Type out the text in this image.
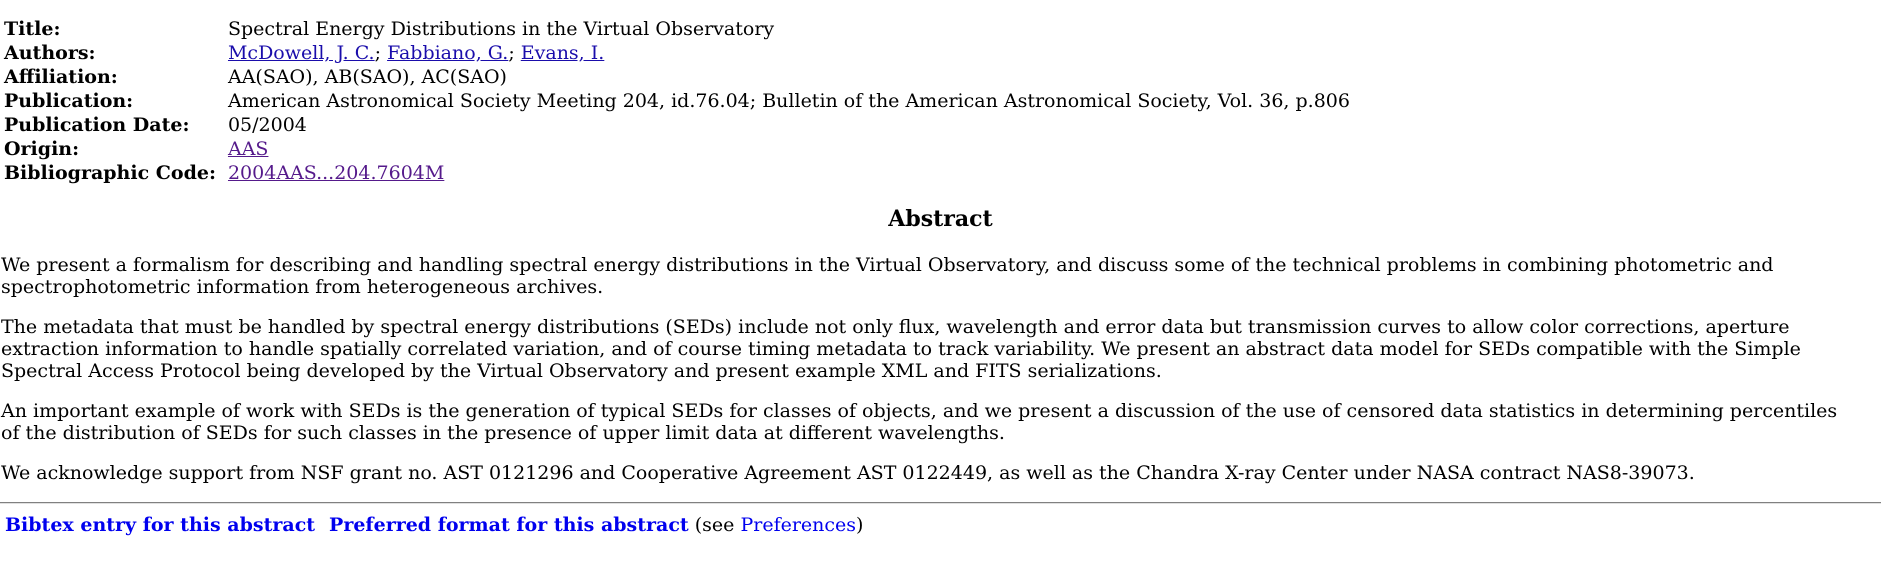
Title:	Spectral Energy Distributions in the Virtual Observatory
Authors:	McDowell, J. C.; Fabbiano, G.; Evans, I.
Affiliation:	AA(SAO), AB(SAO), AC(SAO)
Publication:	American Astronomical Society Meeting 204, id.76.04; Bulletin of the American Astronomical Society, Vol. 36, p.806
Publication Date:	05/2004
Origin:	AAS
Bibliographic Code:	2004AAS...204.7604M
Abstract

We present a formalism for describing and handling spectral energy distributions in the Virtual Observatory, and discuss some of the technical problems in combining photometric and spectrophotometric information from heterogeneous archives.

The metadata that must be handled by spectral energy distributions (SEDs) include not only flux, wavelength and error data but transmission curves to allow color corrections, aperture extraction information to handle spatially correlated variation, and of course timing metadata to track variability. We present an abstract data model for SEDs compatible with the Simple Spectral Access Protocol being developed by the Virtual Observatory and present example XML and FITS serializations.

An important example of work with SEDs is the generation of typical SEDs for classes of objects, and we present a discussion of the use of censored data statistics in determining percentiles of the distribution of SEDs for such classes in the presence of upper limit data at different wavelengths.

We acknowledge support from NSF grant no. AST 0121296 and Cooperative Agreement AST 0122449, as well as the Chandra X-ray Center under NASA contract NAS8-39073.

Bibtex entry for this abstract Preferred format for this abstract (see Preferences)
